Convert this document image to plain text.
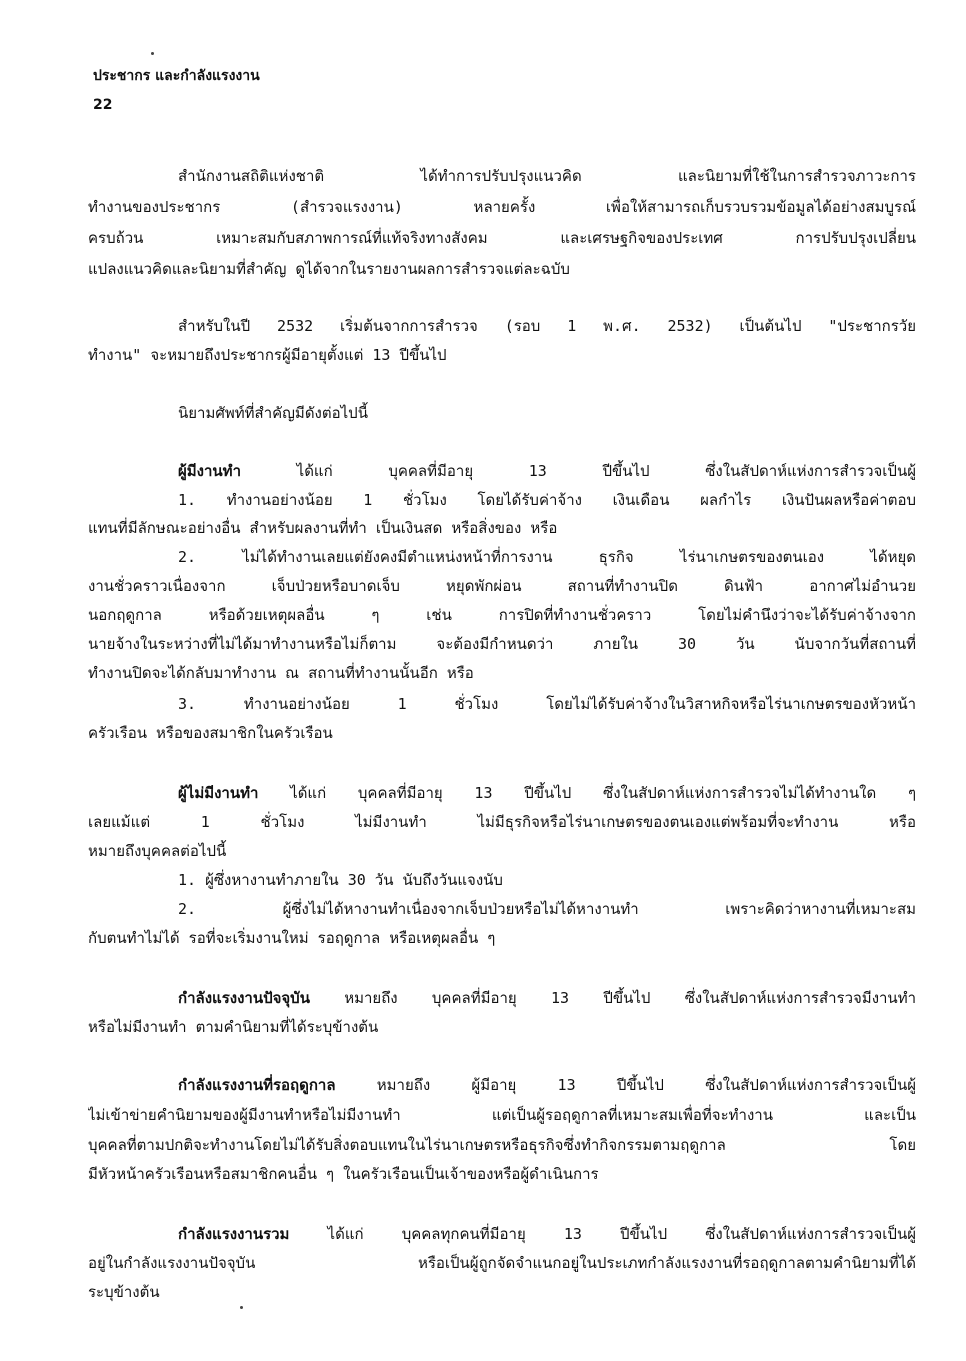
ประชากร และกำลังแรงงาน
22
สำนักงานสถิติแห่งชาติ ได้ทำการปรับปรุงแนวคิด และนิยามที่ใช้ในการสำรวจภาวะการ
ทำงานของประชากร (สำรวจแรงงาน) หลายครั้ง เพื่อให้สามารถเก็บรวบรวมข้อมูลได้อย่างสมบูรณ์
ครบถ้วน เหมาะสมกับสภาพการณ์ที่แท้จริงทางสังคม และเศรษฐกิจของประเทศ การปรับปรุงเปลี่ยน
แปลงแนวคิดและนิยามที่สำคัญ ดูได้จากในรายงานผลการสำรวจแต่ละฉบับ
สำหรับในปี 2532 เริ่มต้นจากการสำรวจ (รอบ 1 พ.ศ. 2532) เป็นต้นไป "ประชากรวัย
ทำงาน" จะหมายถึงประชากรผู้มีอายุตั้งแต่ 13 ปีขึ้นไป
นิยามศัพท์ที่สำคัญมีดังต่อไปนี้
ผู้มีงานทำ ได้แก่ บุคคลที่มีอายุ 13 ปีขึ้นไป ซึ่งในสัปดาห์แห่งการสำรวจเป็นผู้
1. ทำงานอย่างน้อย 1 ชั่วโมง โดยได้รับค่าจ้าง เงินเดือน ผลกำไร เงินปันผลหรือค่าตอบ
แทนที่มีลักษณะอย่างอื่น สำหรับผลงานที่ทำ เป็นเงินสด หรือสิ่งของ หรือ
2. ไม่ได้ทำงานเลยแต่ยังคงมีตำแหน่งหน้าที่การงาน ธุรกิจ ไร่นาเกษตรของตนเอง ได้หยุด
งานชั่วคราวเนื่องจาก เจ็บป่วยหรือบาดเจ็บ หยุดพักผ่อน สถานที่ทำงานปิด ดินฟ้า อากาศไม่อำนวย
นอกฤดูกาล หรือด้วยเหตุผลอื่น ๆ เช่น การปิดที่ทำงานชั่วคราว โดยไม่คำนึงว่าจะได้รับค่าจ้างจาก
นายจ้างในระหว่างที่ไม่ได้มาทำงานหรือไม่ก็ตาม จะต้องมีกำหนดว่า ภายใน 30 วัน นับจากวันที่สถานที่
ทำงานปิดจะได้กลับมาทำงาน ณ สถานที่ทำงานนั้นอีก หรือ
3. ทำงานอย่างน้อย 1 ชั่วโมง โดยไม่ได้รับค่าจ้างในวิสาหกิจหรือไร่นาเกษตรของหัวหน้า
ครัวเรือน หรือของสมาชิกในครัวเรือน
ผู้ไม่มีงานทำ ได้แก่ บุคคลที่มีอายุ 13 ปีขึ้นไป ซึ่งในสัปดาห์แห่งการสำรวจไม่ได้ทำงานใด ๆ
เลยแม้แต่ 1 ชั่วโมง ไม่มีงานทำ ไม่มีธุรกิจหรือไร่นาเกษตรของตนเองแต่พร้อมที่จะทำงาน หรือ
หมายถึงบุคคลต่อไปนี้
1. ผู้ซึ่งหางานทำภายใน 30 วัน นับถึงวันแจงนับ
2. ผู้ซึ่งไม่ได้หางานทำเนื่องจากเจ็บป่วยหรือไม่ได้หางานทำ เพราะคิดว่าหางานที่เหมาะสม
กับตนทำไม่ได้ รอที่จะเริ่มงานใหม่ รอฤดูกาล หรือเหตุผลอื่น ๆ
กำลังแรงงานปัจจุบัน หมายถึง บุคคลที่มีอายุ 13 ปีขึ้นไป ซึ่งในสัปดาห์แห่งการสำรวจมีงานทำ
หรือไม่มีงานทำ ตามคำนิยามที่ได้ระบุข้างต้น
กำลังแรงงานที่รอฤดูกาล หมายถึง ผู้มีอายุ 13 ปีขึ้นไป ซึ่งในสัปดาห์แห่งการสำรวจเป็นผู้
ไม่เข้าข่ายคำนิยามของผู้มีงานทำหรือไม่มีงานทำ แต่เป็นผู้รอฤดูกาลที่เหมาะสมเพื่อที่จะทำงาน และเป็น
บุคคลที่ตามปกติจะทำงานโดยไม่ได้รับสิ่งตอบแทนในไร่นาเกษตรหรือธุรกิจซึ่งทำกิจกรรมตามฤดูกาล โดย
มีหัวหน้าครัวเรือนหรือสมาชิกคนอื่น ๆ ในครัวเรือนเป็นเจ้าของหรือผู้ดำเนินการ
กำลังแรงงานรวม ได้แก่ บุคคลทุกคนที่มีอายุ 13 ปีขึ้นไป ซึ่งในสัปดาห์แห่งการสำรวจเป็นผู้
อยู่ในกำลังแรงงานปัจจุบัน หรือเป็นผู้ถูกจัดจำแนกอยู่ในประเภทกำลังแรงงานที่รอฤดูกาลตามคำนิยามที่ได้
ระบุข้างต้น
